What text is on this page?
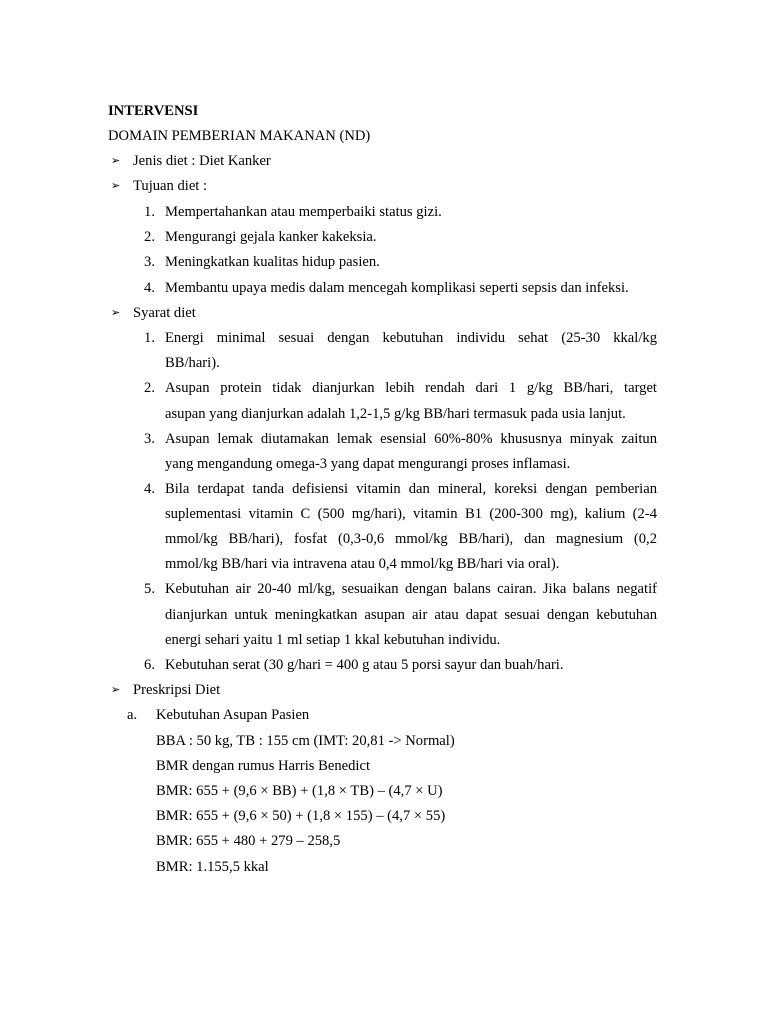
INTERVENSI
DOMAIN PEMBERIAN MAKANAN (ND)
➢ Jenis diet : Diet Kanker
➢ Tujuan diet :
1. Mempertahankan atau memperbaiki status gizi.
2. Mengurangi gejala kanker kakeksia.
3. Meningkatkan kualitas hidup pasien.
4. Membantu upaya medis dalam mencegah komplikasi seperti sepsis dan infeksi.
➢ Syarat diet
1. Energi minimal sesuai dengan kebutuhan individu sehat (25-30 kkal/kg
BB/hari).
2. Asupan protein tidak dianjurkan lebih rendah dari 1 g/kg BB/hari, target
asupan yang dianjurkan adalah 1,2-1,5 g/kg BB/hari termasuk pada usia lanjut.
3. Asupan lemak diutamakan lemak esensial 60%-80% khususnya minyak zaitun
yang mengandung omega-3 yang dapat mengurangi proses inflamasi.
4. Bila terdapat tanda defisiensi vitamin dan mineral, koreksi dengan pemberian
suplementasi vitamin C (500 mg/hari), vitamin B1 (200-300 mg), kalium (2-4
mmol/kg BB/hari), fosfat (0,3-0,6 mmol/kg BB/hari), dan magnesium (0,2
mmol/kg BB/hari via intravena atau 0,4 mmol/kg BB/hari via oral).
5. Kebutuhan air 20-40 ml/kg, sesuaikan dengan balans cairan. Jika balans negatif
dianjurkan untuk meningkatkan asupan air atau dapat sesuai dengan kebutuhan
energi sehari yaitu 1 ml setiap 1 kkal kebutuhan individu.
6. Kebutuhan serat (30 g/hari = 400 g atau 5 porsi sayur dan buah/hari.
➢ Preskripsi Diet
a.	Kebutuhan Asupan Pasien
BBA : 50 kg, TB : 155 cm (IMT: 20,81 -> Normal)
BMR dengan rumus Harris Benedict
BMR: 655 + (9,6 × BB) + (1,8 × TB) – (4,7 × U)
BMR: 655 + (9,6 × 50) + (1,8 × 155) – (4,7 × 55)
BMR: 655 + 480 + 279 – 258,5
BMR: 1.155,5 kkal
